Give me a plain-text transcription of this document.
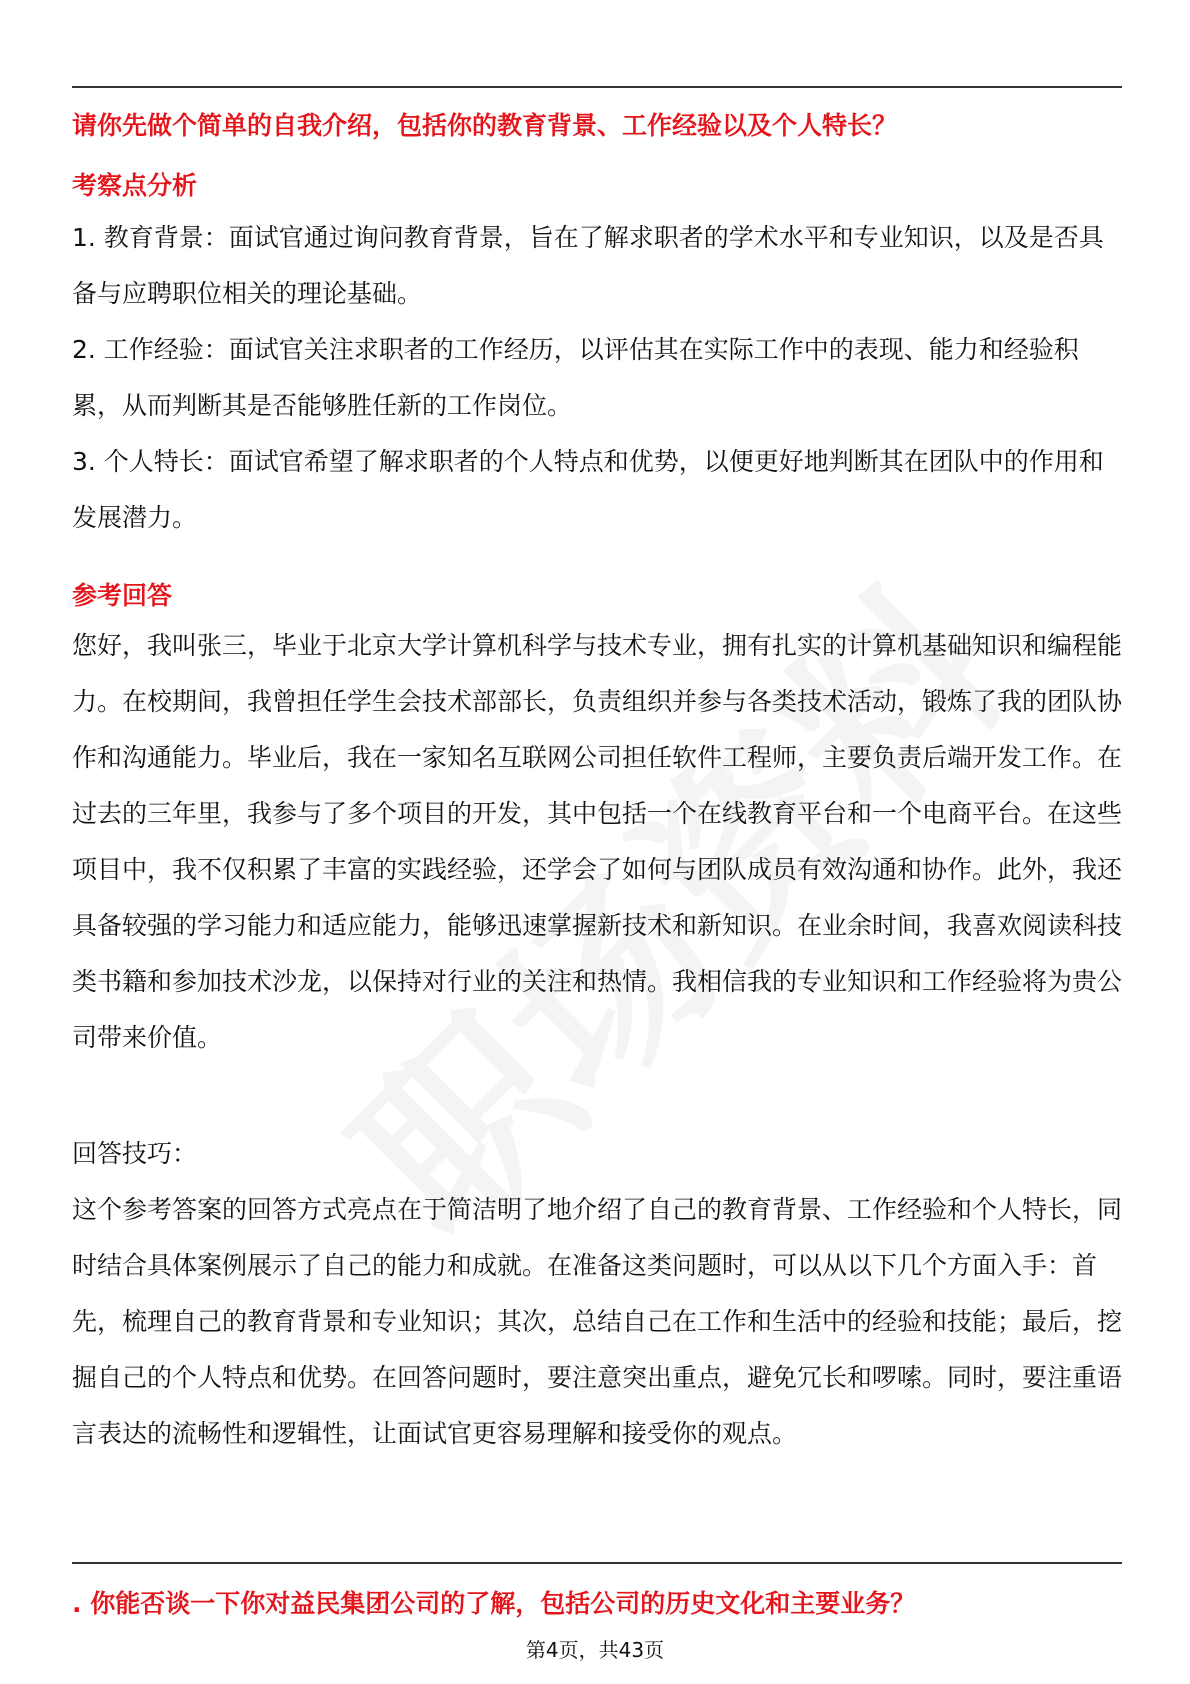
请你先做个简单的自我介绍，包括你的教育背景、工作经验以及个人特长？
考察点分析

1. 教育背景：面试官通过询问教育背景，旨在了解求职者的学术水平和专业知识，以及是否具备与应聘职位相关的理论基础。

2. 工作经验：面试官关注求职者的工作经历，以评估其在实际工作中的表现、能力和经验积累，从而判断其是否能够胜任新的工作岗位。

3. 个人特长：面试官希望了解求职者的个人特点和优势，以便更好地判断其在团队中的作用和发展潜力。

参考回答

您好，我叫张三，毕业于北京大学计算机科学与技术专业，拥有扎实的计算机基础知识和编程能力。在校期间，我曾担任学生会技术部部长，负责组织并参与各类技术活动，锻炼了我的团队协作和沟通能力。毕业后，我在一家知名互联网公司担任软件工程师，主要负责后端开发工作。在过去的三年里，我参与了多个项目的开发，其中包括一个在线教育平台和一个电商平台。在这些项目中，我不仅积累了丰富的实践经验，还学会了如何与团队成员有效沟通和协作。此外，我还具备较强的学习能力和适应能力，能够迅速掌握新技术和新知识。在业余时间，我喜欢阅读科技类书籍和参加技术沙龙，以保持对行业的关注和热情。我相信我的专业知识和工作经验将为贵公司带来价值。

回答技巧：

这个参考答案的回答方式亮点在于简洁明了地介绍了自己的教育背景、工作经验和个人特长，同时结合具体案例展示了自己的能力和成就。在准备这类问题时，可以从以下几个方面入手：首先，梳理自己的教育背景和专业知识；其次，总结自己在工作和生活中的经验和技能；最后，挖掘自己的个人特点和优势。在回答问题时，要注意突出重点，避免冗长和啰嗦。同时，要注重语言表达的流畅性和逻辑性，让面试官更容易理解和接受你的观点。

. 你能否谈一下你对益民集团公司的了解，包括公司的历史文化和主要业务？
第4页，共43页
